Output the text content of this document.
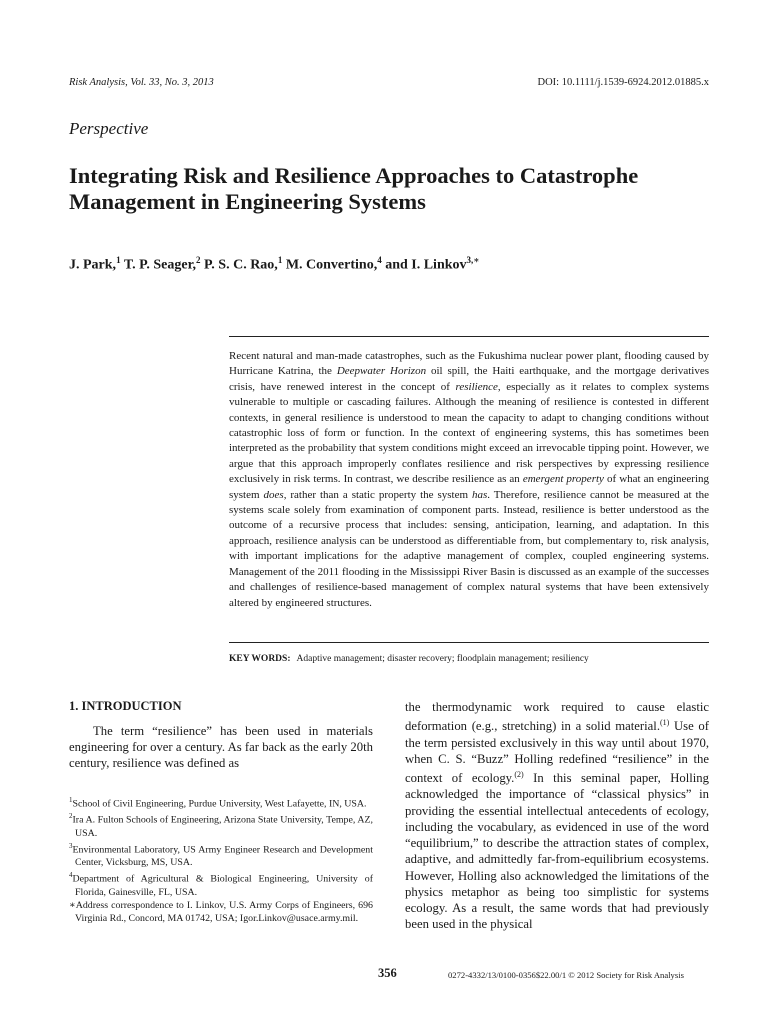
Risk Analysis, Vol. 33, No. 3, 2013	DOI: 10.1111/j.1539-6924.2012.01885.x
Perspective
Integrating Risk and Resilience Approaches to Catastrophe Management in Engineering Systems
J. Park,$^1$ T. P. Seager,$^2$ P. S. C. Rao,$^1$ M. Convertino,$^4$ and I. Linkov$^{3,∗}$
Recent natural and man-made catastrophes, such as the Fukushima nuclear power plant, flooding caused by Hurricane Katrina, the Deepwater Horizon oil spill, the Haiti earthquake, and the mortgage derivatives crisis, have renewed interest in the concept of resilience, especially as it relates to complex systems vulnerable to multiple or cascading failures. Although the meaning of resilience is contested in different contexts, in general resilience is understood to mean the capacity to adapt to changing conditions without catastrophic loss of form or function. In the context of engineering systems, this has sometimes been interpreted as the probability that system conditions might exceed an irrevocable tipping point. However, we argue that this approach improperly conflates resilience and risk perspectives by expressing resilience exclusively in risk terms. In contrast, we describe resilience as an emergent property of what an engineering system does, rather than a static property the system has. Therefore, resilience cannot be measured at the systems scale solely from examination of component parts. Instead, resilience is better understood as the outcome of a recursive process that includes: sensing, anticipation, learning, and adaptation. In this approach, resilience analysis can be understood as differentiable from, but complementary to, risk analysis, with important implications for the adaptive management of complex, coupled engineering systems. Management of the 2011 flooding in the Mississippi River Basin is discussed as an example of the successes and challenges of resilience-based management of complex natural systems that have been extensively altered by engineered structures.
KEY WORDS: Adaptive management; disaster recovery; floodplain management; resiliency
1. INTRODUCTION
The term “resilience” has been used in materials engineering for over a century. As far back as the early 20th century, resilience was defined as

$^1$School of Civil Engineering, Purdue University, West Lafayette, IN, USA.

$^2$Ira A. Fulton Schools of Engineering, Arizona State University, Tempe, AZ, USA.

$^3$Environmental Laboratory, US Army Engineer Research and Development Center, Vicksburg, MS, USA.

$^4$Department of Agricultural & Biological Engineering, University of Florida, Gainesville, FL, USA.

∗Address correspondence to I. Linkov, U.S. Army Corps of Engineers, 696 Virginia Rd., Concord, MA 01742, USA; Igor.Linkov@usace.army.mil.

the thermodynamic work required to cause elastic deformation (e.g., stretching) in a solid material.$^{(1)}$ Use of the term persisted exclusively in this way until about 1970, when C. S. “Buzz” Holling redefined “resilience” in the context of ecology.$^{(2)}$ In this seminal paper, Holling acknowledged the importance of “classical physics” in providing the essential intellectual antecedents of ecology, including the vocabulary, as evidenced in use of the word “equilibrium,” to describe the attraction states of complex, adaptive, and admittedly far-from-equilibrium ecosystems. However, Holling also acknowledged the limitations of the physics metaphor as being too simplistic for systems ecology. As a result, the same words that had previously been used in the physical
356	0272-4332/13/0100-0356$22.00/1 © 2012 Society for Risk Analysis
